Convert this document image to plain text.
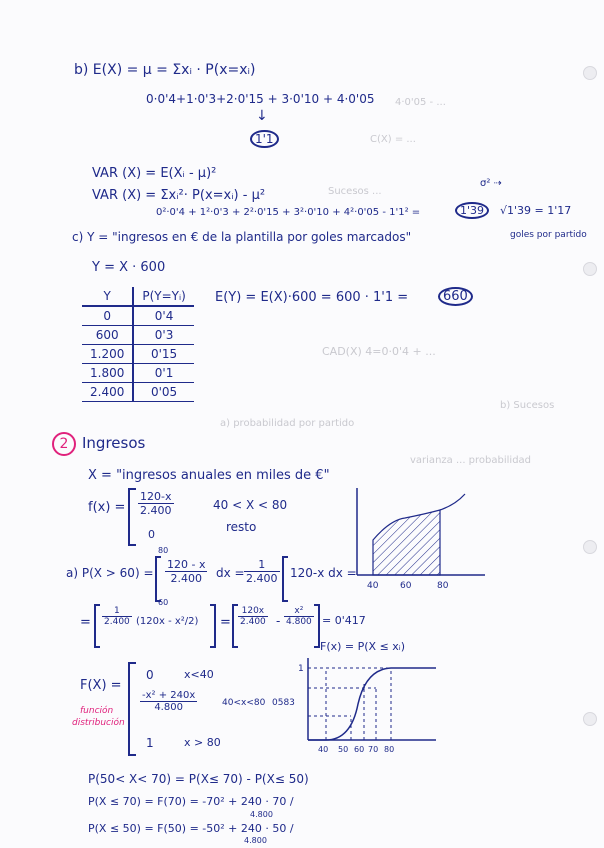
4·0'05 - ...
C(X) = ...
Sucesos ...
CAD(X) 4=0·0'4 + ...
b) Sucesos
a) probabilidad por partido
varianza ... probabilidad
b) E(X) = μ = Σxᵢ · P(x=xᵢ)
0·0'4+1·0'3+2·0'15 + 3·0'10 + 4·0'05
↓
1'1
VAR (X) = E(Xᵢ - μ)²
σ² ⇢
VAR (X) = Σxᵢ²· P(x=xᵢ) - μ²
0²·0'4 + 1²·0'3 + 2²·0'15 + 3²·0'10 + 4²·0'05 - 1'1² =	1'39	√1'39 = 1'17
c) Y = "ingresos en € de la plantilla por goles marcados"	goles por partido
Y = X · 600
Y	P(Y=Yᵢ)
0	0'4
600	0'3
1.200	0'15
1.800	0'1
2.400	0'05
E(Y) = E(X)·600 = 600 · 1'1 =	660
2 Ingresos
X = "ingresos anuales en miles de €"
$f(x) = \frac{120-x}{2.400}$	40 < X < 80
0
resto
40 60	80
a) P(X > 60) =
80
60
$\frac{120 - x}{2.400}$ dx = $\frac{1}{2.400} 120-x$ dx =
= $\frac{1}{2.400} (120x - x^2/2) = \frac{120x}{2.400} - \frac{\text{x²}}{4.800} = 0'417$
F(x) = P(X ≤ xᵢ)
F(X) =
función
distribución
0	x<40
$\frac{\text{-x² + 240x}}{4.800}$	40<x<80 0583
1	x > 80
1
40 50 60 70 80
P(50< X< 70) = P(X≤ 70) - P(X≤ 50)
P(X ≤ 70) = F(70) = -70² + 240 · 70 /
4.800
P(X ≤ 50) = F(50) = -50² + 240 · 50 /
4.800
